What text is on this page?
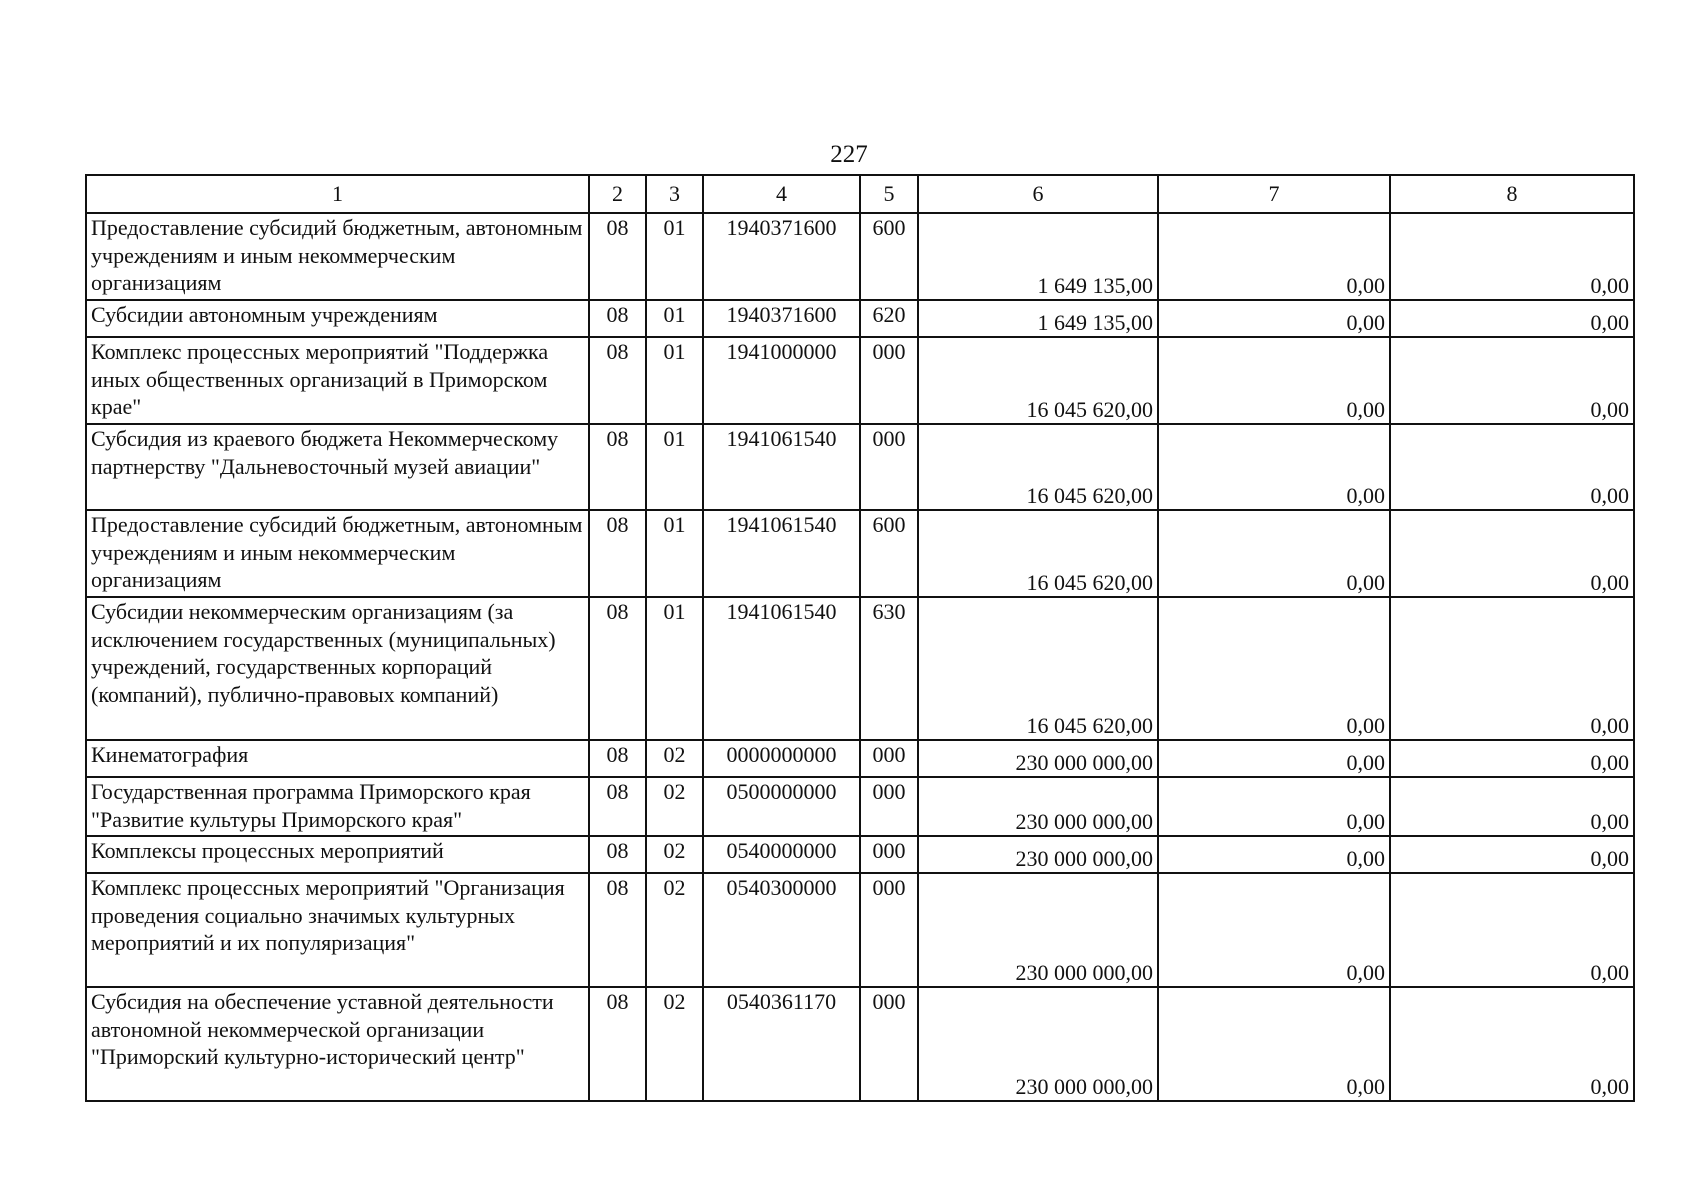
227
1	2	3	4	5	6	7	8
Предоставление субсидий бюджетным, автономным учреждениям и иным некоммерческим организациям	08	01	1940371600	600	1 649 135,00	0,00	0,00
Субсидии автономным учреждениям	08	01	1940371600	620	1 649 135,00	0,00	0,00
Комплекс процессных мероприятий "Поддержка иных общественных организаций в Приморском крае"	08	01	1941000000	000	16 045 620,00	0,00	0,00
Субсидия из краевого бюджета Некоммерческому партнерству "Дальневосточный музей авиации"	08	01	1941061540	000	16 045 620,00	0,00	0,00
Предоставление субсидий бюджетным, автономным учреждениям и иным некоммерческим организациям	08	01	1941061540	600	16 045 620,00	0,00	0,00
Субсидии некоммерческим организациям (за исключением государственных (муниципальных) учреждений, государственных корпораций (компаний), публично-правовых компаний)	08	01	1941061540	630	16 045 620,00	0,00	0,00
Кинематография	08	02	0000000000	000	230 000 000,00	0,00	0,00
Государственная программа Приморского края "Развитие культуры Приморского края"	08	02	0500000000	000	230 000 000,00	0,00	0,00
Комплексы процессных мероприятий	08	02	0540000000	000	230 000 000,00	0,00	0,00
Комплекс процессных мероприятий "Организация проведения социально значимых культурных мероприятий и их популяризация"	08	02	0540300000	000	230 000 000,00	0,00	0,00
Субсидия на обеспечение уставной деятельности автономной некоммерческой организации "Приморский культурно-исторический центр"	08	02	0540361170	000	230 000 000,00	0,00	0,00
